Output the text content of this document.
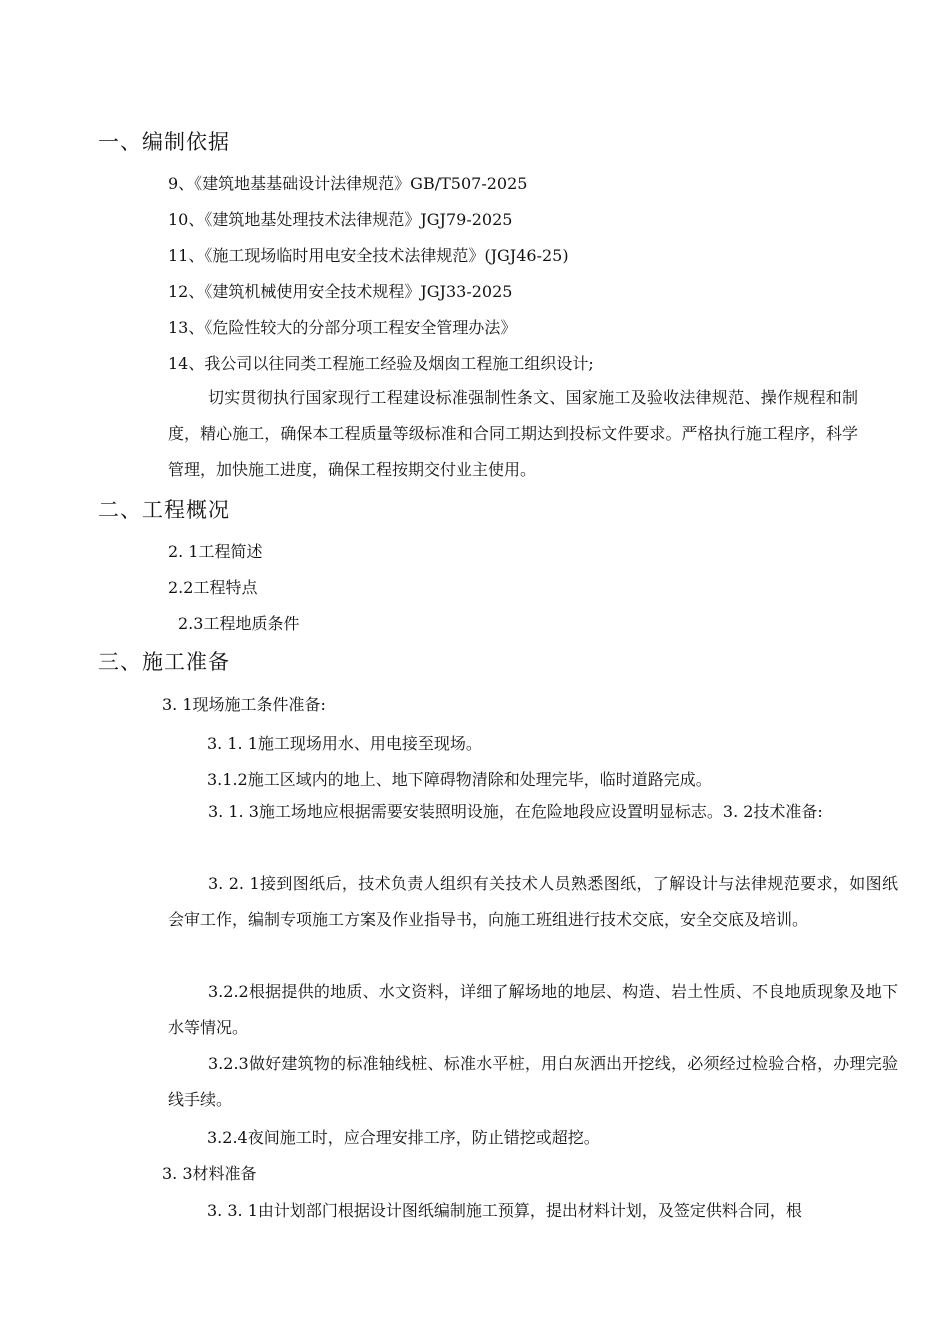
一、编制依据
9、《建筑地基基础设计法律规范》GB/T507-2025
10、《建筑地基处理技术法律规范》JGJ79-2025
11、《施工现场临时用电安全技术法律规范》(JGJ46-25)
12、《建筑机械使用安全技术规程》JGJ33-2025
13、《危险性较大的分部分项工程安全管理办法》
14、我公司以往同类工程施工经验及烟囱工程施工组织设计;
切实贯彻执行国家现行工程建设标准强制性条文、国家施工及验收法律规范、操作规程和制度，精心施工，确保本工程质量等级标准和合同工期达到投标文件要求。严格执行施工程序，科学管理，加快施工进度，确保工程按期交付业主使用。
二、工程概况
2. 1工程简述
2.2工程特点
2.3工程地质条件
三、施工准备
3. 1现场施工条件准备:
3. 1. 1施工现场用水、用电接至现场。
3.1.2施工区域内的地上、地下障碍物清除和处理完毕，临时道路完成。
3. 1. 3施工场地应根据需要安装照明设施，在危险地段应设置明显标志。3. 2技术准备:
3. 2. 1接到图纸后，技术负责人组织有关技术人员熟悉图纸，了解设计与法律规范要求，如图纸会审工作，编制专项施工方案及作业指导书，向施工班组进行技术交底，安全交底及培训。
3.2.2根据提供的地质、水文资料，详细了解场地的地层、构造、岩土性质、不良地质现象及地下水等情况。
3.2.3做好建筑物的标准轴线桩、标准水平桩，用白灰洒出开挖线，必须经过检验合格，办理完验线手续。
3.2.4夜间施工时，应合理安排工序，防止错挖或超挖。
3. 3材料准备
3. 3. 1由计划部门根据设计图纸编制施工预算，提出材料计划，及签定供料合同，根
